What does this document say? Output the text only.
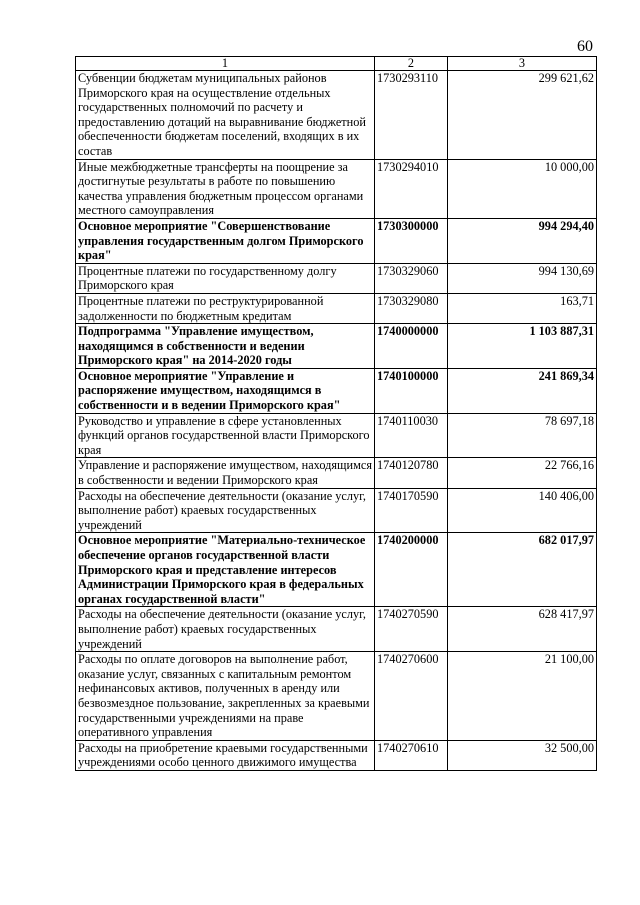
60
1	2	3
Субвенции бюджетам муниципальных районов Приморского края на осуществление отдельных государственных полномочий по расчету и предоставлению дотаций на выравнивание бюджетной обеспеченности бюджетам поселений, входящих в их состав	1730293110	299 621,62
Иные межбюджетные трансферты на поощрение за достигнутые результаты в работе по повышению качества управления бюджетным процессом органами местного самоуправления	1730294010	10 000,00
Основное мероприятие "Совершенствование управления государственным долгом Приморского края"	1730300000	994 294,40
Процентные платежи по государственному долгу Приморского края	1730329060	994 130,69
Процентные платежи по реструктурированной задолженности по бюджетным кредитам	1730329080	163,71
Подпрограмма "Управление имуществом, находящимся в собственности и ведении Приморского края" на 2014-2020 годы	1740000000	1 103 887,31
Основное мероприятие "Управление и распоряжение имуществом, находящимся в собственности и в ведении Приморского края"	1740100000	241 869,34
Руководство и управление в сфере установленных функций органов государственной власти Приморского края	1740110030	78 697,18
Управление и распоряжение имуществом, находящимся в собственности и ведении Приморского края	1740120780	22 766,16
Расходы на обеспечение деятельности (оказание услуг, выполнение работ) краевых государственных учреждений	1740170590	140 406,00
Основное мероприятие "Материально-техническое обеспечение органов государственной власти Приморского края и представление интересов Администрации Приморского края в федеральных органах государственной власти"	1740200000	682 017,97
Расходы на обеспечение деятельности (оказание услуг, выполнение работ) краевых государственных учреждений	1740270590	628 417,97
Расходы по оплате договоров на выполнение работ, оказание услуг, связанных с капитальным ремонтом нефинансовых активов, полученных в аренду или безвозмездное пользование, закрепленных за краевыми государственными учреждениями на праве оперативного управления	1740270600	21 100,00
Расходы на приобретение краевыми государственными учреждениями особо ценного движимого имущества	1740270610	32 500,00
